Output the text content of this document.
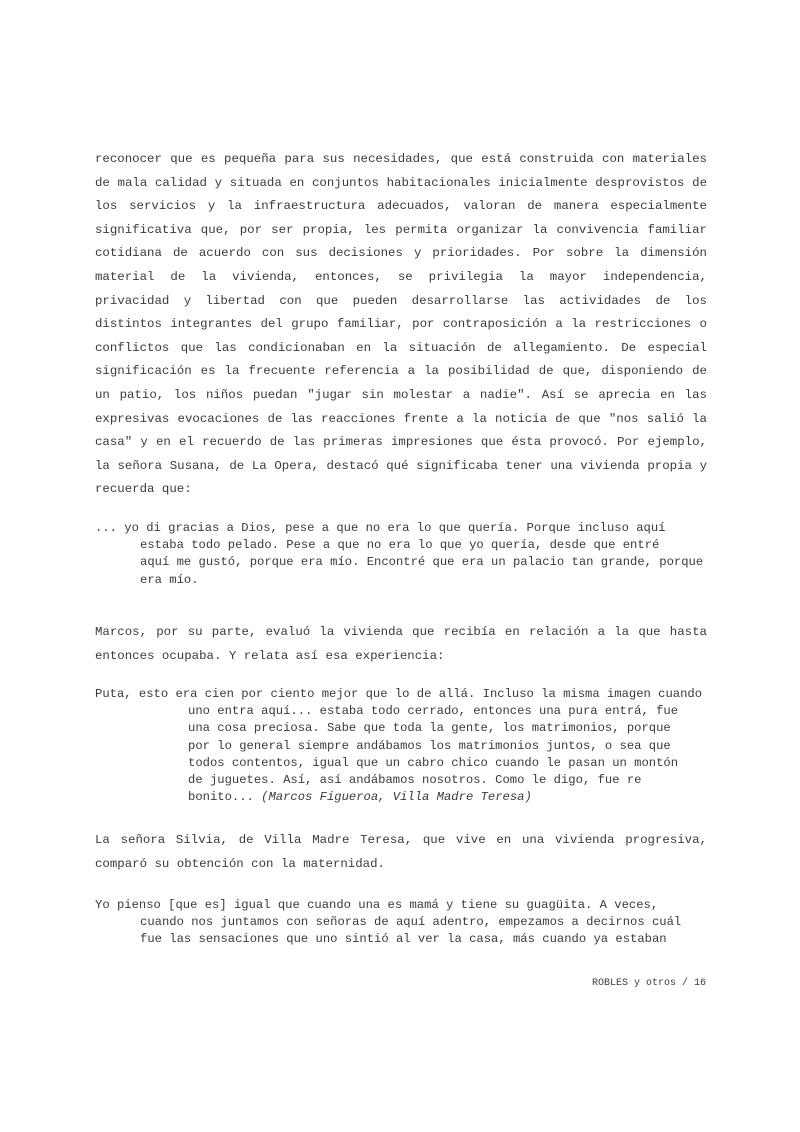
reconocer que es pequeña para sus necesidades, que está construida con materiales de mala calidad y situada en conjuntos habitacionales inicialmente desprovistos de los servicios y la infraestructura adecuados, valoran de manera especialmente significativa que, por ser propia, les permita organizar la convivencia familiar cotidiana de acuerdo con sus decisiones y prioridades. Por sobre la dimensión material de la vivienda, entonces, se privilegia la mayor independencia, privacidad y libertad con que pueden desarrollarse las actividades de los distintos integrantes del grupo familiar, por contraposición a la restricciones o conflictos que las condicionaban en la situación de allegamiento. De especial significación es la frecuente referencia a la posibilidad de que, disponiendo de un patio, los niños puedan "jugar sin molestar a nadie". Así se aprecia en las expresivas evocaciones de las reacciones frente a la noticia de que "nos salió la casa" y en el recuerdo de las primeras impresiones que ésta provocó. Por ejemplo, la señora Susana, de La Opera, destacó qué significaba tener una vivienda propia y recuerda que:

... yo di gracias a Dios, pese a que no era lo que quería. Porque incluso aquí
estaba todo pelado. Pese a que no era lo que yo quería, desde que entré
aquí me gustó, porque era mío. Encontré que era un palacio tan grande, porque
era mío.

Marcos, por su parte, evaluó la vivienda que recibía en relación a la que hasta entonces ocupaba. Y relata así esa experiencia:

Puta, esto era cien por ciento mejor que lo de allá. Incluso la misma imagen cuando
uno entra aquí... estaba todo cerrado, entonces una pura entrá, fue
una cosa preciosa. Sabe que toda la gente, los matrimonios, porque
por lo general siempre andábamos los matrimonios juntos, o sea que
todos contentos, igual que un cabro chico cuando le pasan un montón
de juguetes. Así, así andábamos nosotros. Como le digo, fue re
bonito... (Marcos Figueroa, Villa Madre Teresa)

La señora Silvia, de Villa Madre Teresa, que vive en una vivienda progresiva, comparó su obtención con la maternidad.

Yo pienso [que es] igual que cuando una es mamá y tiene su guagüita. A veces,
cuando nos juntamos con señoras de aquí adentro, empezamos a decirnos cuál
fue las sensaciones que uno sintió al ver la casa, más cuando ya estaban

ROBLES y otros / 16
